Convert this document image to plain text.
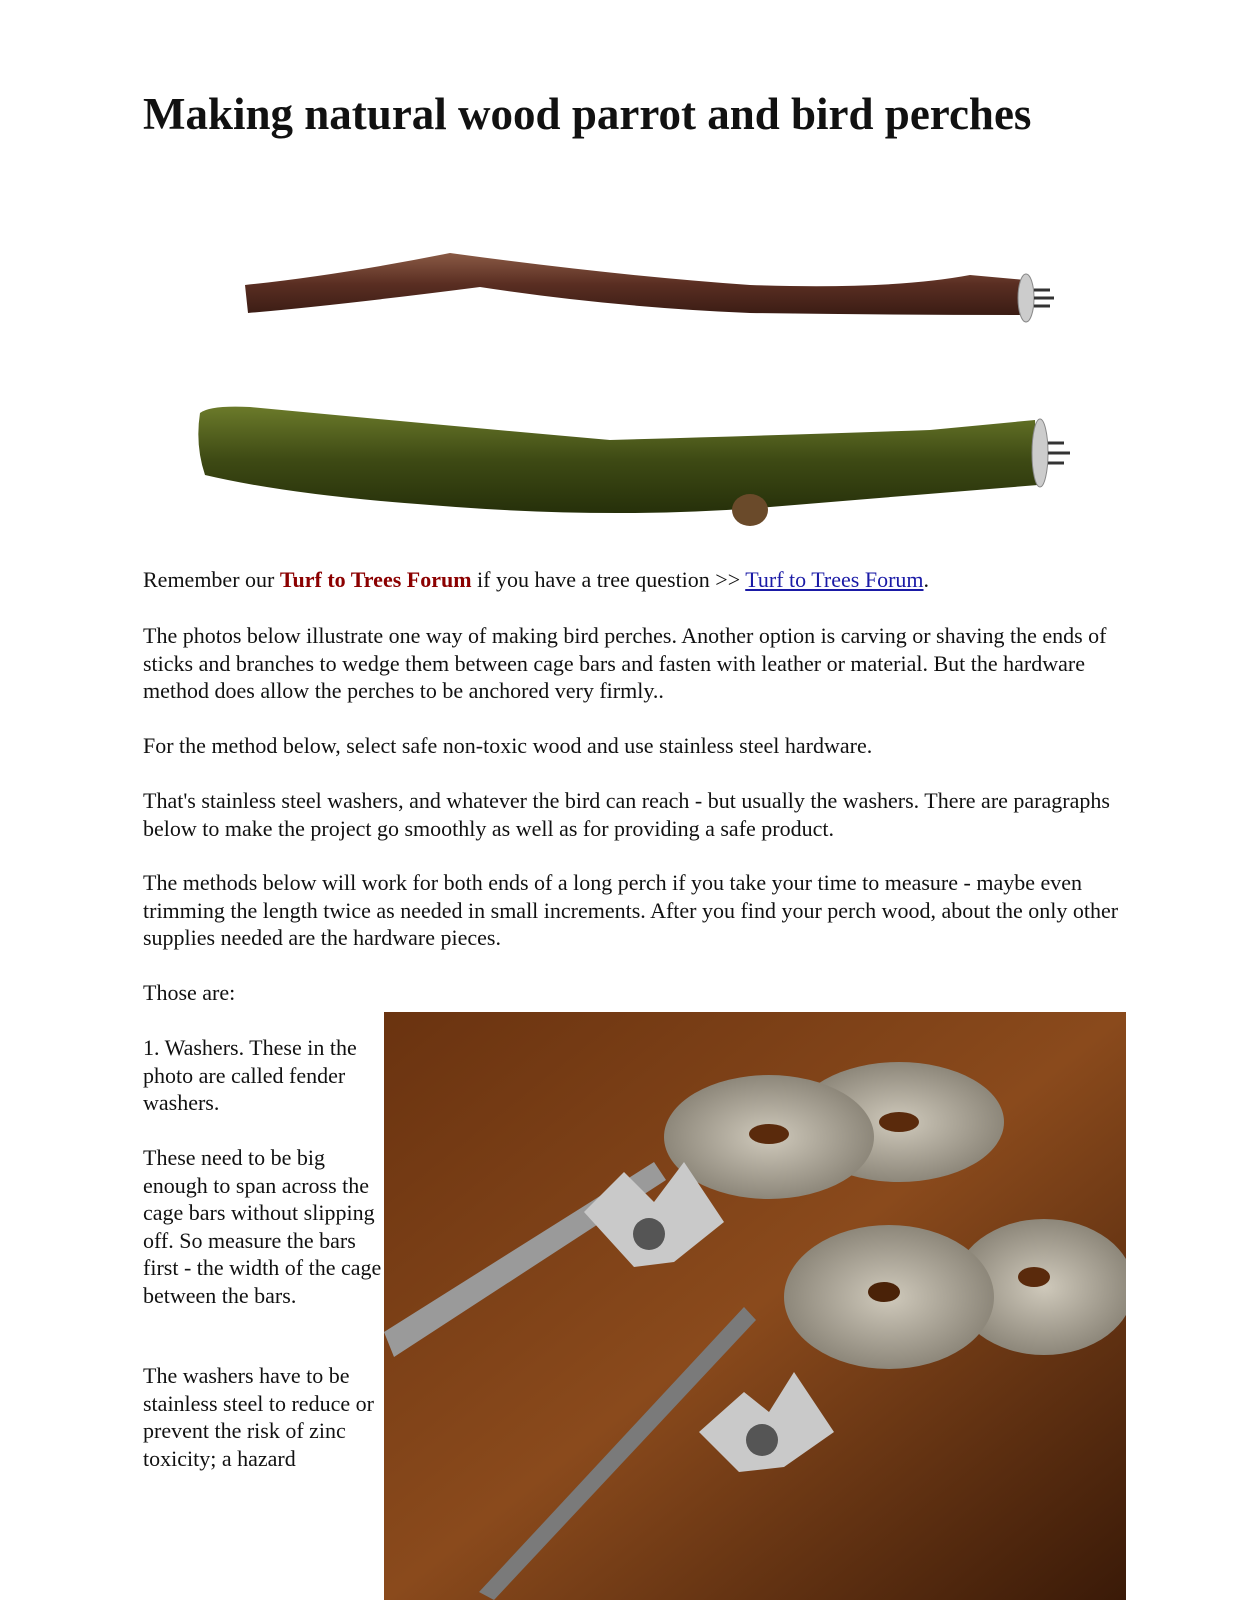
Making natural wood parrot and bird perches

Remember our Turf to Trees Forum if you have a tree question >> Turf to Trees Forum.

The photos below illustrate one way of making bird perches. Another option is carving or shaving the ends of sticks and branches to wedge them between cage bars and fasten with leather or material. But the hardware method does allow the perches to be anchored very firmly..

For the method below, select safe non-toxic wood and use stainless steel hardware.

That's stainless steel washers, and whatever the bird can reach - but usually the washers. There are paragraphs below to make the project go smoothly as well as for providing a safe product.

The methods below will work for both ends of a long perch if you take your time to measure - maybe even trimming the length twice as needed in small increments. After you find your perch wood, about the only other supplies needed are the hardware pieces.

Those are:

1. Washers. These in the photo are called fender washers.

These need to be big enough to span across the cage bars without slipping off. So measure the bars first - the width of the cage between the bars.

The washers have to be stainless steel to reduce or prevent the risk of zinc toxicity; a hazard
